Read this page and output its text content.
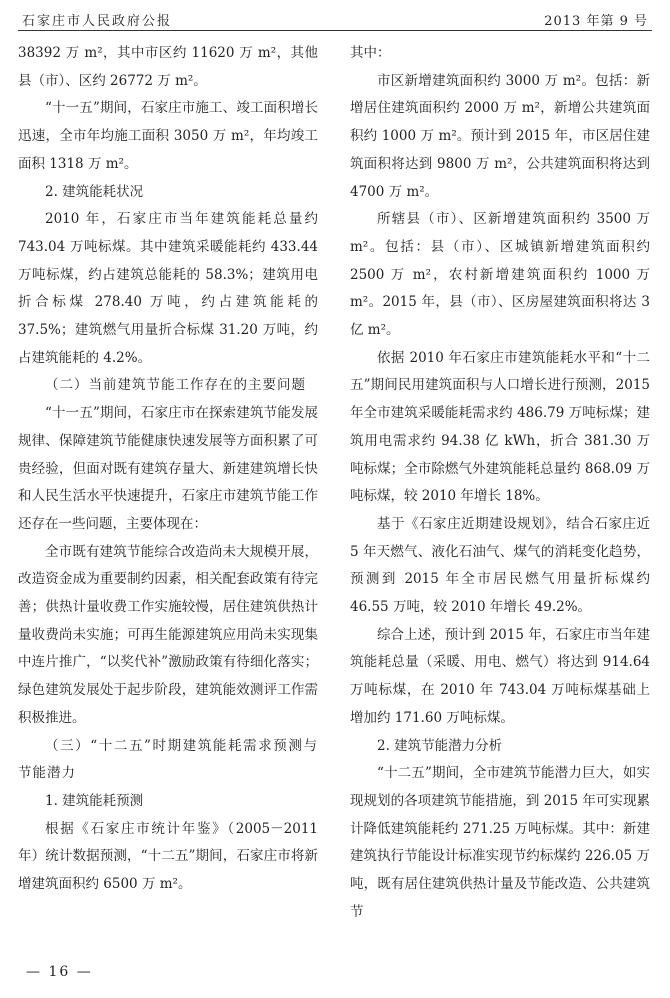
石家庄市人民政府公报	2013 年第 9 号

38392 万 m²，其中市区约 11620 万 m²，其他县（市）、区约 26772 万 m²。

“十一五”期间，石家庄市施工、竣工面积增长迅速，全市年均施工面积 3050 万 m²，年均竣工面积 1318 万 m²。

2. 建筑能耗状况

2010 年，石家庄市当年建筑能耗总量约 743.04 万吨标煤。其中建筑采暖能耗约 433.44 万吨标煤，约占建筑总能耗的 58.3%；建筑用电折合标煤 278.40 万吨，约占建筑能耗的 37.5%；建筑燃气用量折合标煤 31.20 万吨，约占建筑能耗的 4.2%。

（二）当前建筑节能工作存在的主要问题

“十一五”期间，石家庄市在探索建筑节能发展规律、保障建筑节能健康快速发展等方面积累了可贵经验，但面对既有建筑存量大、新建建筑增长快和人民生活水平快速提升，石家庄市建筑节能工作还存在一些问题，主要体现在：

全市既有建筑节能综合改造尚未大规模开展，改造资金成为重要制约因素，相关配套政策有待完善；供热计量收费工作实施较慢，居住建筑供热计量收费尚未实施；可再生能源建筑应用尚未实现集中连片推广，“以奖代补”激励政策有待细化落实；绿色建筑发展处于起步阶段，建筑能效测评工作需积极推进。

（三）“十二五”时期建筑能耗需求预测与节能潜力

1. 建筑能耗预测

根据《石家庄市统计年鉴》（2005－2011 年）统计数据预测，“十二五”期间，石家庄市将新增建筑面积约 6500 万 m²。

其中：

市区新增建筑面积约 3000 万 m²。包括：新增居住建筑面积约 2000 万 m²，新增公共建筑面积约 1000 万 m²。预计到 2015 年，市区居住建筑面积将达到 9800 万 m²，公共建筑面积将达到 4700 万 m²。

所辖县（市）、区新增建筑面积约 3500 万 m²。包括：县（市）、区城镇新增建筑面积约 2500 万 m²，农村新增建筑面积约 1000 万 m²。2015 年，县（市）、区房屋建筑面积将达 3 亿 m²。

依据 2010 年石家庄市建筑能耗水平和“十二五”期间民用建筑面积与人口增长进行预测，2015 年全市建筑采暖能耗需求约 486.79 万吨标煤；建筑用电需求约 94.38 亿 kWh，折合 381.30 万吨标煤；全市除燃气外建筑能耗总量约 868.09 万吨标煤，较 2010 年增长 18%。

基于《石家庄近期建设规划》，结合石家庄近 5 年天燃气、液化石油气、煤气的消耗变化趋势，预测到 2015 年全市居民燃气用量折标煤约 46.55 万吨，较 2010 年增长 49.2%。

综合上述，预计到 2015 年，石家庄市当年建筑能耗总量（采暖、用电、燃气）将达到 914.64 万吨标煤，在 2010 年 743.04 万吨标煤基础上增加约 171.60 万吨标煤。

2. 建筑节能潜力分析

“十二五”期间，全市建筑节能潜力巨大，如实现规划的各项建筑节能措施，到 2015 年可实现累计降低建筑能耗约 271.25 万吨标煤。其中：新建建筑执行节能设计标准实现节约标煤约 226.05 万吨，既有居住建筑供热计量及节能改造、公共建筑节

— 16 —
